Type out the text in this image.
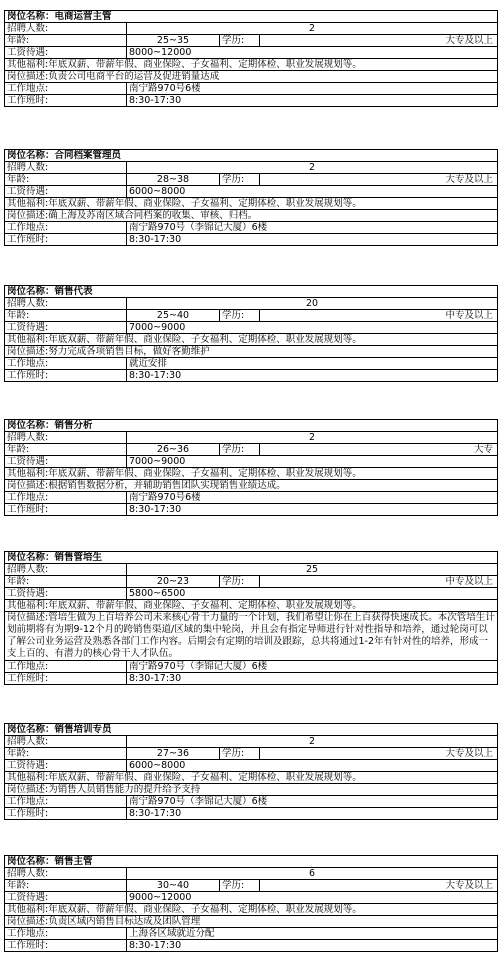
岗位名称：电商运营主管			
招聘人数:	2		
年龄:	25~35	学历:	大专及以上
工资待遇:	8000~12000		
其他福利:年底双薪、带薪年假、商业保险、子女福利、定期体检、职业发展规划等。			
岗位描述:负责公司电商平台的运营及促进销量达成			
工作地点:	南宁路970号6楼		
工作班时:	8:30-17:30		
岗位名称：合同档案管理员			
招聘人数:	2		
年龄:	28~38	学历:	大专及以上
工资待遇:	6000~8000		
其他福利:年底双薪、带薪年假、商业保险、子女福利、定期体检、职业发展规划等。			
岗位描述:确上海及苏南区域合同档案的收集、审核、归档。			
工作地点:	南宁路970号（李锦记大厦）6楼		
工作班时:	8:30-17:30		
岗位名称：销售代表			
招聘人数:	20		
年龄:	25~40	学历:	中专及以上
工资待遇:	7000~9000		
其他福利:年底双薪、带薪年假、商业保险、子女福利、定期体检、职业发展规划等。			
岗位描述:努力完成各项销售目标，做好客勤维护			
工作地点:	就近安排		
工作班时:	8:30-17:30		
岗位名称：销售分析			
招聘人数:	2		
年龄:	26~36	学历:	大专
工资待遇:	7000~9000		
其他福利:年底双薪、带薪年假、商业保险、子女福利、定期体检、职业发展规划等。			
岗位描述:根据销售数据分析，并辅助销售团队实现销售业绩达成。			
工作地点:	南宁路970号6楼		
工作班时:	8:30-17:30		
岗位名称：销售管培生			
招聘人数:	25		
年龄:	20~23	学历:	中专及以上
工资待遇:	5800~6500		
其他福利:年底双薪、带薪年假、商业保险、子女福利、定期体检、职业发展规划等。			
岗位描述:管培生做为上百培养公司未来核心骨干力量的一个计划，我们希望让你在上百获得快速成长。本次管培生计划前期将有为期9-12个月的跨销售渠道/区域的集中轮岗，并且会有指定导师进行针对性指导和培养，通过轮岗可以了解公司业务运营及熟悉各部门工作内容。后期会有定期的培训及跟踪，总共将通过1-2年有针对性的培养，形成一支上百的、有潜力的核心骨干人才队伍。			
工作地点:	南宁路970号（李锦记大厦）6楼		
工作班时:	8:30-17:30		
岗位名称：销售培训专员			
招聘人数:	2		
年龄:	27~36	学历:	大专及以上
工资待遇:	6000~8000		
其他福利:年底双薪、带薪年假、商业保险、子女福利、定期体检、职业发展规划等。			
岗位描述:为销售人员销售能力的提升给予支持			
工作地点:	南宁路970号（李锦记大厦）6楼		
工作班时:	8:30-17:30		
岗位名称：销售主管			
招聘人数:	6		
年龄:	30~40	学历:	大专及以上
工资待遇:	9000~12000		
其他福利:年底双薪、带薪年假、商业保险、子女福利、定期体检、职业发展规划等。			
岗位描述:负责区域内销售目标达成及团队管理			
工作地点:	上海各区域就近分配		
工作班时:	8:30-17:30		
